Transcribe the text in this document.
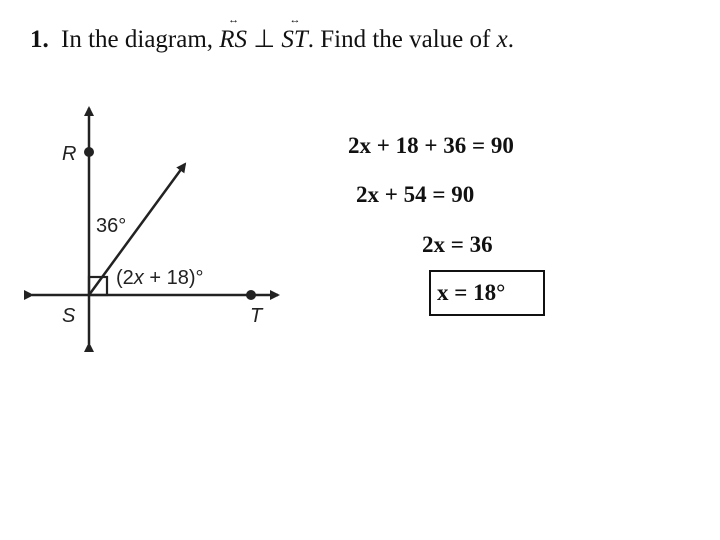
1. In the diagram,
↔
RS ⊥
↔
ST. Find the value of x.
R
S	T
36°
(2x + 18)°
2x + 18 + 36 = 90
2x + 54 = 90
2x = 36
x = 18°
